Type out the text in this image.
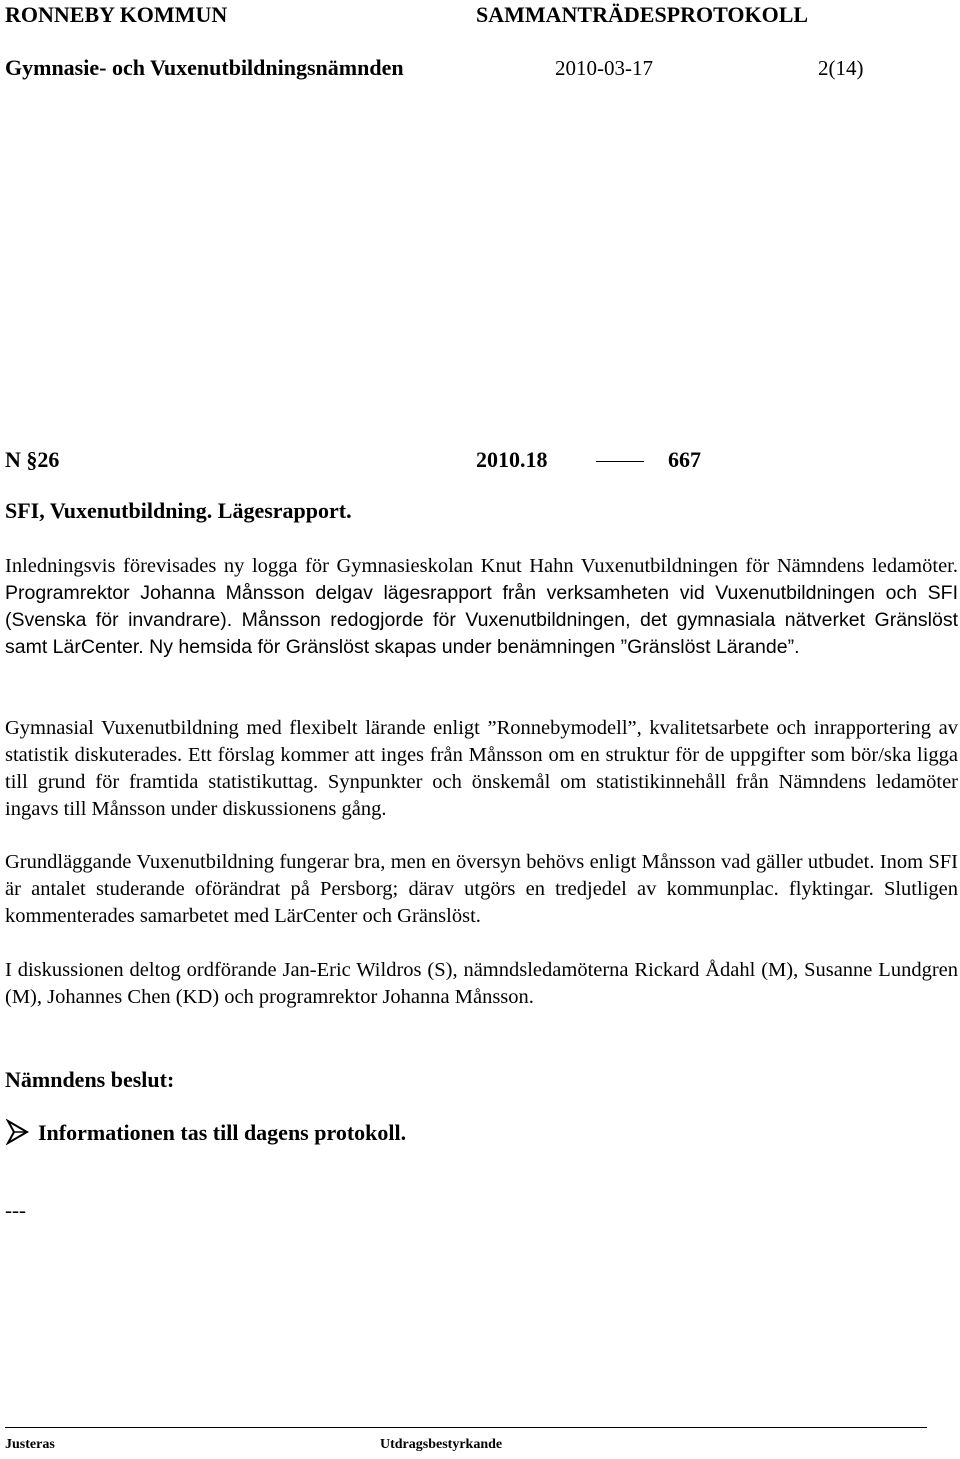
RONNEBY KOMMUN	SAMMANTRÄDESPROTOKOLL
Gymnasie- och Vuxenutbildningsnämnden	2010-03-17	2(14)
N §26	2010.18	667
SFI, Vuxenutbildning. Lägesrapport.

Inledningsvis förevisades ny logga för Gymnasieskolan Knut Hahn Vuxenutbildningen för Nämndens ledamöter. Programrektor Johanna Månsson delgav lägesrapport från verksamheten vid Vuxenutbildningen och SFI (Svenska för invandrare). Månsson redogjorde för Vuxenutbildningen, det gymnasiala nätverket Gränslöst samt LärCenter. Ny hemsida för Gränslöst skapas under benämningen ”Gränslöst Lärande”.

Gymnasial Vuxenutbildning med flexibelt lärande enligt ”Ronnebymodell”, kvalitetsarbete och inrapportering av statistik diskuterades. Ett förslag kommer att inges från Månsson om en struktur för de uppgifter som bör/ska ligga till grund för framtida statistikuttag. Synpunkter och önskemål om statistikinnehåll från Nämndens ledamöter ingavs till Månsson under diskussionens gång.

Grundläggande Vuxenutbildning fungerar bra, men en översyn behövs enligt Månsson vad gäller utbudet. Inom SFI är antalet studerande oförändrat på Persborg; därav utgörs en tredjedel av kommunplac. flyktingar. Slutligen kommenterades samarbetet med LärCenter och Gränslöst.

I diskussionen deltog ordförande Jan-Eric Wildros (S), nämndsledamöterna Rickard Ådahl (M), Susanne Lundgren (M), Johannes Chen (KD) och programrektor Johanna Månsson.

Nämndens beslut:
Informationen tas till dagens protokoll.
---
Justeras	Utdragsbestyrkande
